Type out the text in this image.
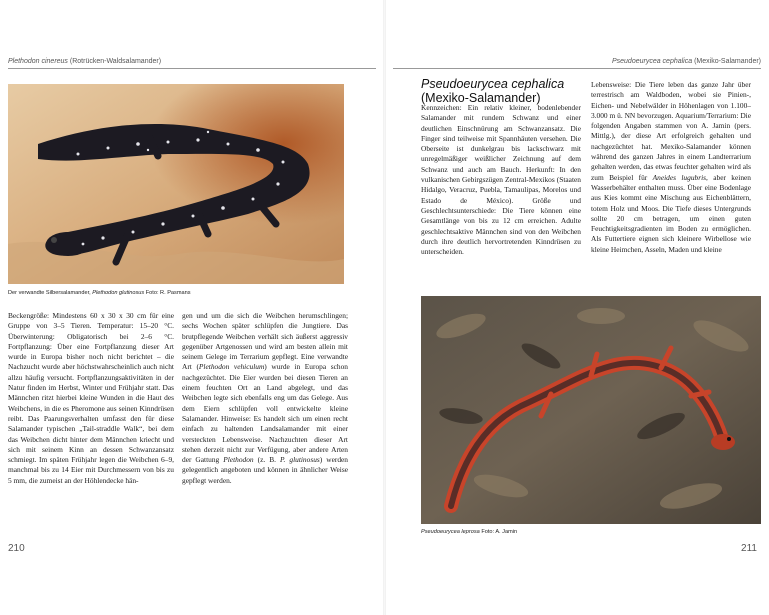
Plethodon cinereus (Rotrücken-Waldsalamander)
Der verwandte Silbersalamander, Plethodon glutinosus Foto: R. Pasmans

Beckengröße: Mindestens 60 x 30 x 30 cm für eine Gruppe von 3–5 Tieren. Temperatur: 15–20 °C. Überwinterung: Obligatorisch bei 2–6 °C. Fortpflanzung: Über eine Fortpflanzung dieser Art wurde in Europa bisher noch nicht berichtet – die Nachzucht wurde aber höchstwahrscheinlich auch nicht allzu häufig versucht. Fortpflanzungsaktivitäten in der Natur finden im Herbst, Winter und Frühjahr statt. Das Männchen ritzt hierbei kleine Wunden in die Haut des Weibchens, in die es Pheromone aus seinen Kinndrüsen reibt. Das Paarungsverhalten umfasst den für diese Salamander typischen „Tail-straddle Walk“, bei dem das Weibchen dicht hinter dem Männchen kriecht und sich mit seinem Kinn an dessen Schwanzansatz schmiegt. Im späten Frühjahr legen die Weibchen 6–9, manchmal bis zu 14 Eier mit Durchmessern von bis zu 5 mm, die zumeist an der Höhlendecke hän-

gen und um die sich die Weibchen herumschlingen; sechs Wochen später schlüpfen die Jungtiere. Das brutpflegende Weibchen verhält sich äußerst aggressiv gegenüber Artgenossen und wird am besten allein mit seinem Gelege im Terrarium gepflegt. Eine verwandte Art (Plethodon vehiculum) wurde in Europa schon nachgezüchtet. Die Eier wurden bei diesen Tieren an einem feuchten Ort an Land abgelegt, und das Weibchen legte sich ebenfalls eng um das Gelege. Aus dem Eiern schlüpfen voll entwickelte kleine Salamander. Hinweise: Es handelt sich um einen recht einfach zu haltenden Landsalamander mit einer versteckten Lebensweise. Nachzuchten dieser Art stehen derzeit nicht zur Verfügung, aber andere Arten der Gattung Plethodon (z. B. P. glutinosus) werden gelegentlich angeboten und können in ähnlicher Weise gepflegt werden.

210
Pseudoeurycea cephalica (Mexiko-Salamander)
Pseudoeurycea cephalica
(Mexiko-Salamander)

Kennzeichen: Ein relativ kleiner, bodenlebender Salamander mit rundem Schwanz und einer deutlichen Einschnürung am Schwanzansatz. Die Finger sind teilweise mit Spannhäuten versehen. Die Oberseite ist dunkelgrau bis lackschwarz mit unregelmäßiger weißlicher Zeichnung auf dem Schwanz und auch am Bauch. Herkunft: In den vulkanischen Gebirgszügen Zentral-Mexikos (Staaten Hidalgo, Veracruz, Puebla, Tamaulipas, Morelos und Estado de México). Größe und Geschlechtsunterschiede: Die Tiere können eine Gesamtlänge von bis zu 12 cm erreichen. Adulte geschlechtsaktive Männchen sind von den Weibchen durch ihre deutlich hervortretenden Kinndrüsen zu unterscheiden.

Lebensweise: Die Tiere leben das ganze Jahr über terrestrisch am Waldboden, wobei sie Pinien-, Eichen- und Nebelwälder in Höhenlagen von 1.100–3.000 m ü. NN bevorzugen. Aquarium/Terrarium: Die folgenden Angaben stammen von A. Jamin (pers. Mittlg.), der diese Art erfolgreich gehalten und nachgezüchtet hat. Mexiko-Salamander können während des ganzen Jahres in einem Landterrarium gehalten werden, das etwas feuchter gehalten wird als zum Beispiel für Aneides lugubris, aber keinen Wasserbehälter enthalten muss. Über eine Bodenlage aus Kies kommt eine Mischung aus Eichenblättern, totem Holz und Moos. Die Tiefe dieses Untergrunds sollte 20 cm betragen, um einen guten Feuchtigkeitsgradienten im Boden zu ermöglichen. Als Futtertiere eignen sich kleinere Wirbellose wie kleine Heimchen, Asseln, Maden und kleine

Pseudoeurycea leprosa Foto: A. Jamin
211
